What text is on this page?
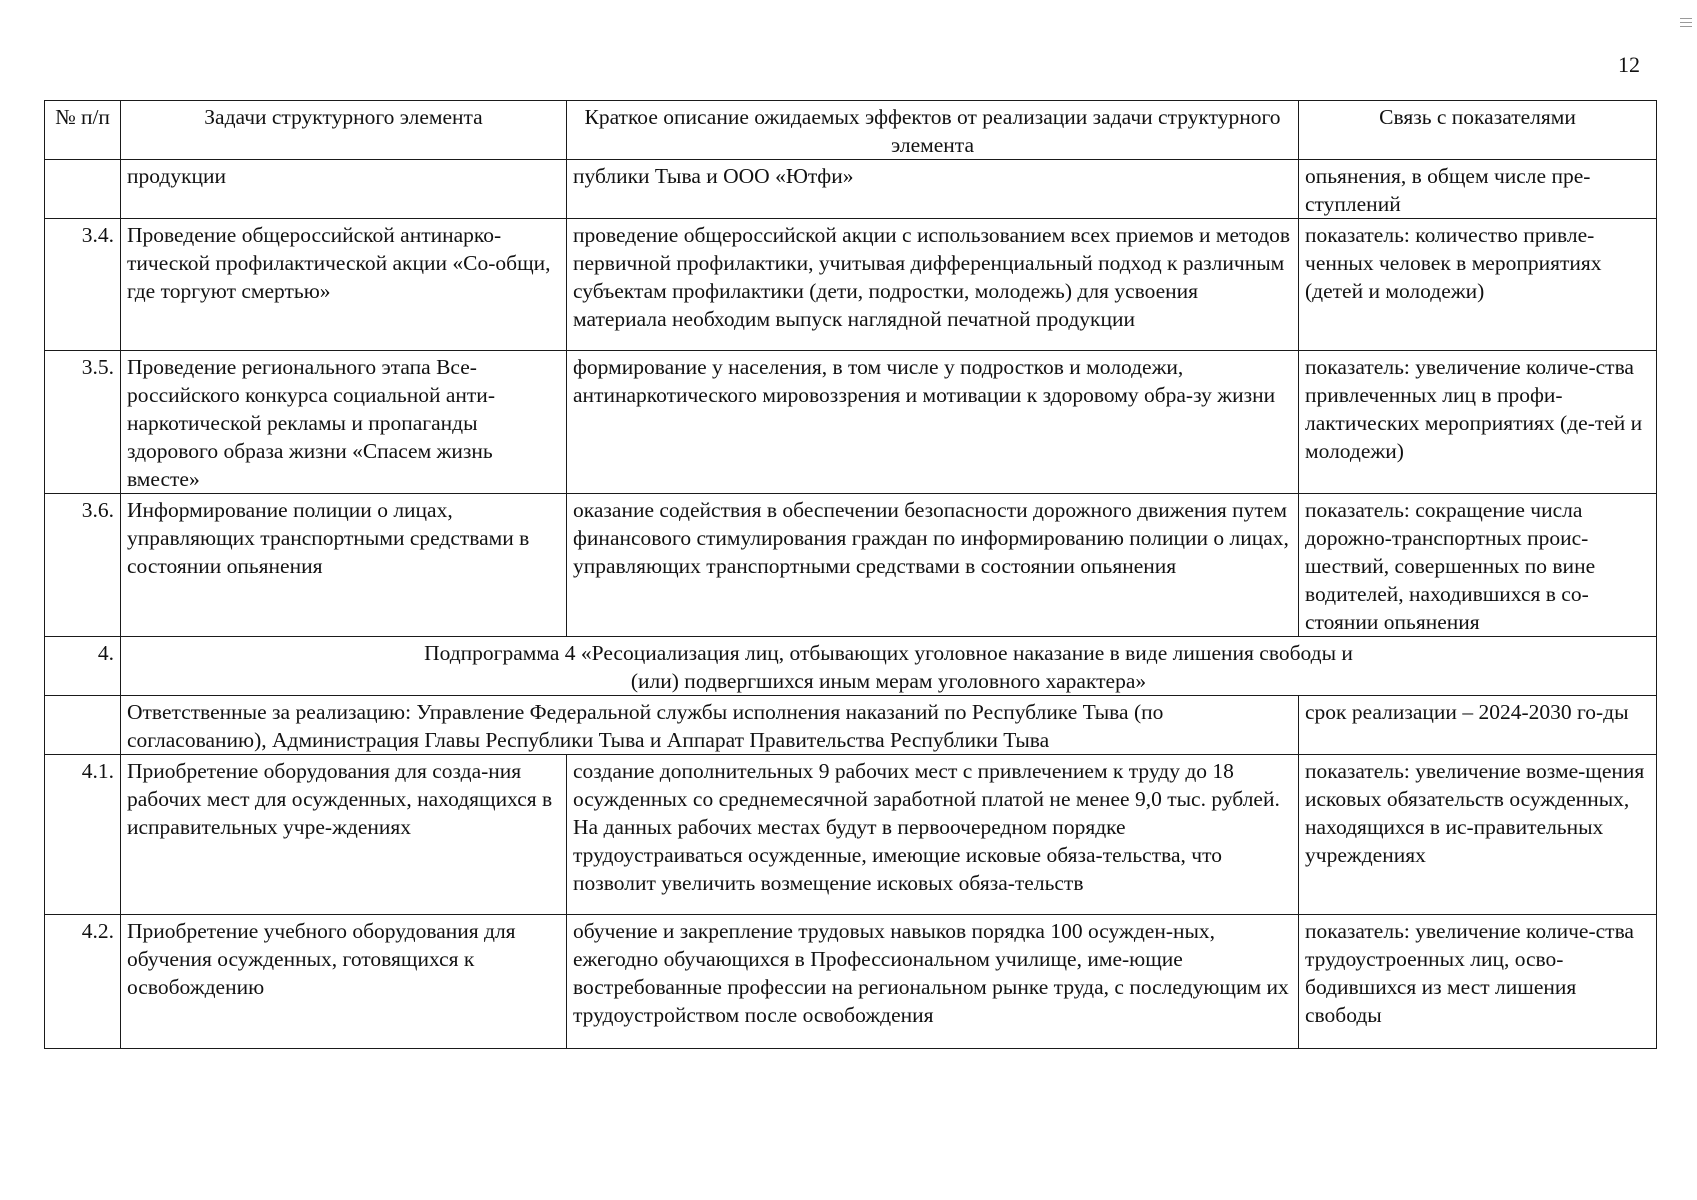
12
№ п/п	Задачи структурного элемента	Краткое описание ожидаемых эффектов от реализации задачи структурного элемента	Связь с показателями
	продукции	публики Тыва и ООО «Ютфи»	опьянения, в общем числе пре-ступлений
3.4.	Проведение общероссийской антинарко-тической профилактической акции «Со-общи, где торгуют смертью»	проведение общероссийской акции с использованием всех приемов и методов первичной профилактики, учитывая дифференциальный подход к различным субъектам профилактики (дети, подростки, молодежь) для усвоения материала необходим выпуск наглядной печатной продукции	показатель: количество привле-ченных человек в мероприятиях (детей и молодежи)
3.5.	Проведение регионального этапа Все-российского конкурса социальной анти-наркотической рекламы и пропаганды здорового образа жизни «Спасем жизнь вместе»	формирование у населения, в том числе у подростков и молодежи, антинаркотического мировоззрения и мотивации к здоровому обра-зу жизни	показатель: увеличение количе-ства привлеченных лиц в профи-лактических мероприятиях (де-тей и молодежи)
3.6.	Информирование полиции о лицах, управляющих транспортными средствами в состоянии опьянения	оказание содействия в обеспечении безопасности дорожного движения путем финансового стимулирования граждан по информированию полиции о лицах, управляющих транспортными средствами в состоянии опьянения	показатель: сокращение числа дорожно-транспортных проис-шествий, совершенных по вине водителей, находившихся в со-стоянии опьянения
4.	Подпрограмма 4 «Ресоциализация лиц, отбывающих уголовное наказание в виде лишения свободы и (или) подвергшихся иным мерам уголовного характера»		
	Ответственные за реализацию: Управление Федеральной службы исполнения наказаний по Республике Тыва (по согласованию), Администрация Главы Республики Тыва и Аппарат Правительства Республики Тыва		срок реализации – 2024-2030 го-ды
4.1.	Приобретение оборудования для созда-ния рабочих мест для осужденных, находящихся в исправительных учре-ждениях	создание дополнительных 9 рабочих мест с привлечением к труду до 18 осужденных со среднемесячной заработной платой не менее 9,0 тыс. рублей. На данных рабочих местах будут в первоочередном порядке трудоустраиваться осужденные, имеющие исковые обяза-тельства, что позволит увеличить возмещение исковых обяза-тельств	показатель: увеличение возме-щения исковых обязательств осужденных, находящихся в ис-правительных учреждениях
4.2.	Приобретение учебного оборудования для обучения осужденных, готовящихся к освобождению	обучение и закрепление трудовых навыков порядка 100 осужден-ных, ежегодно обучающихся в Профессиональном училище, име-ющие востребованные профессии на региональном рынке труда, с последующим их трудоустройством после освобождения	показатель: увеличение количе-ства трудоустроенных лиц, осво-бодившихся из мест лишения свободы
